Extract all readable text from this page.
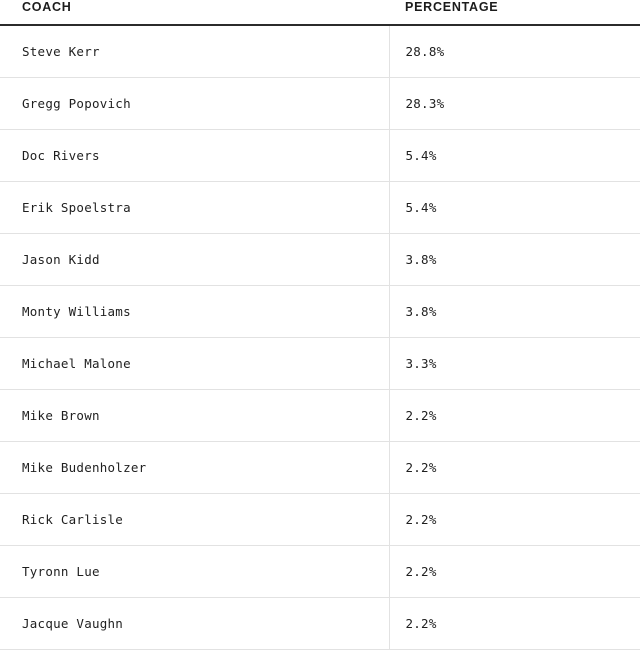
COACH	PERCENTAGE
Steve Kerr	28.8%
Gregg Popovich	28.3%
Doc Rivers	5.4%
Erik Spoelstra	5.4%
Jason Kidd	3.8%
Monty Williams	3.8%
Michael Malone	3.3%
Mike Brown	2.2%
Mike Budenholzer	2.2%
Rick Carlisle	2.2%
Tyronn Lue	2.2%
Jacque Vaughn	2.2%
